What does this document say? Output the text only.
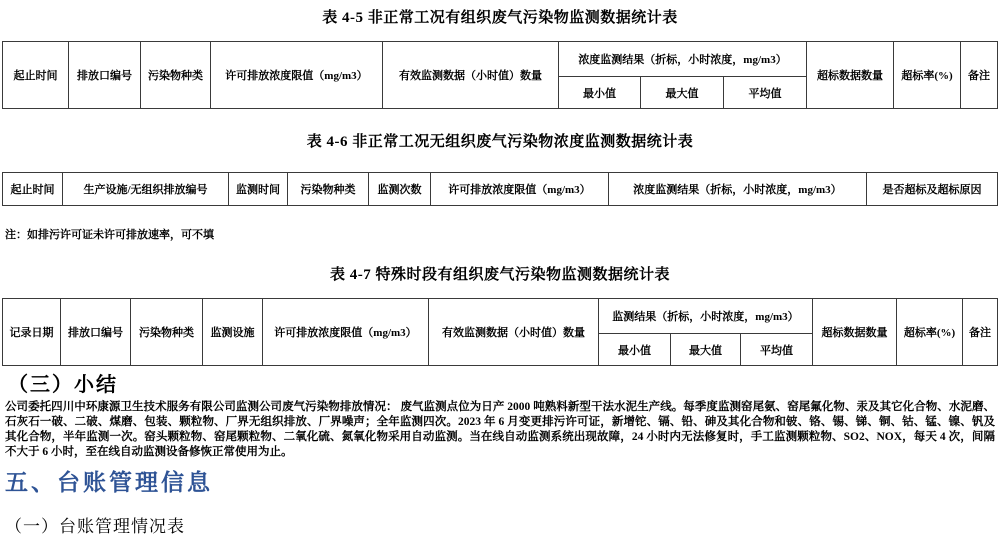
表 4-5 非正常工况有组织废气污染物监测数据统计表
起止时间	排放口编号	污染物种类	许可排放浓度限值（mg/m3）	有效监测数据（小时值）数量	浓度监测结果（折标，小时浓度，mg/m3）			超标数据数量	超标率(%)	备注
					最小值	最大值	平均值			
表 4-6 非正常工况无组织废气污染物浓度监测数据统计表
起止时间	生产设施/无组织排放编号	监测时间	污染物种类	监测次数	许可排放浓度限值（mg/m3）	浓度监测结果（折标，小时浓度，mg/m3）	是否超标及超标原因
注：如排污许可证未许可排放速率，可不填
表 4-7 特殊时段有组织废气污染物监测数据统计表
记录日期	排放口编号	污染物种类	监测设施	许可排放浓度限值（mg/m3）	有效监测数据（小时值）数量	监测结果（折标，小时浓度，mg/m3）			超标数据数量	超标率(%)	备注
						最小值	最大值	平均值			
（三）小结
公司委托四川中环康源卫生技术服务有限公司监测公司废气污染物排放情况： 废气监测点位为日产 2000 吨熟料新型干法水泥生产线。每季度监测窑尾氨、窑尾氟化物、汞及其它化合物、水泥磨、石灰石一破、二破、煤磨、包装、颗粒物、厂界无组织排放、厂界噪声；全年监测四次。2023 年 6 月变更排污许可证，新增铊、镉、铅、砷及其化合物和铍、铬、锡、锑、铜、钴、锰、镍、钒及其化合物，半年监测一次。窑头颗粒物、窑尾颗粒物、二氧化硫、氮氧化物采用自动监测。当在线自动监测系统出现故障，24 小时内无法修复时，手工监测颗粒物、SO2、NOX，每天 4 次，间隔不大于 6 小时，至在线自动监测设备修恢正常使用为止。
五、台账管理信息
（一）台账管理情况表
